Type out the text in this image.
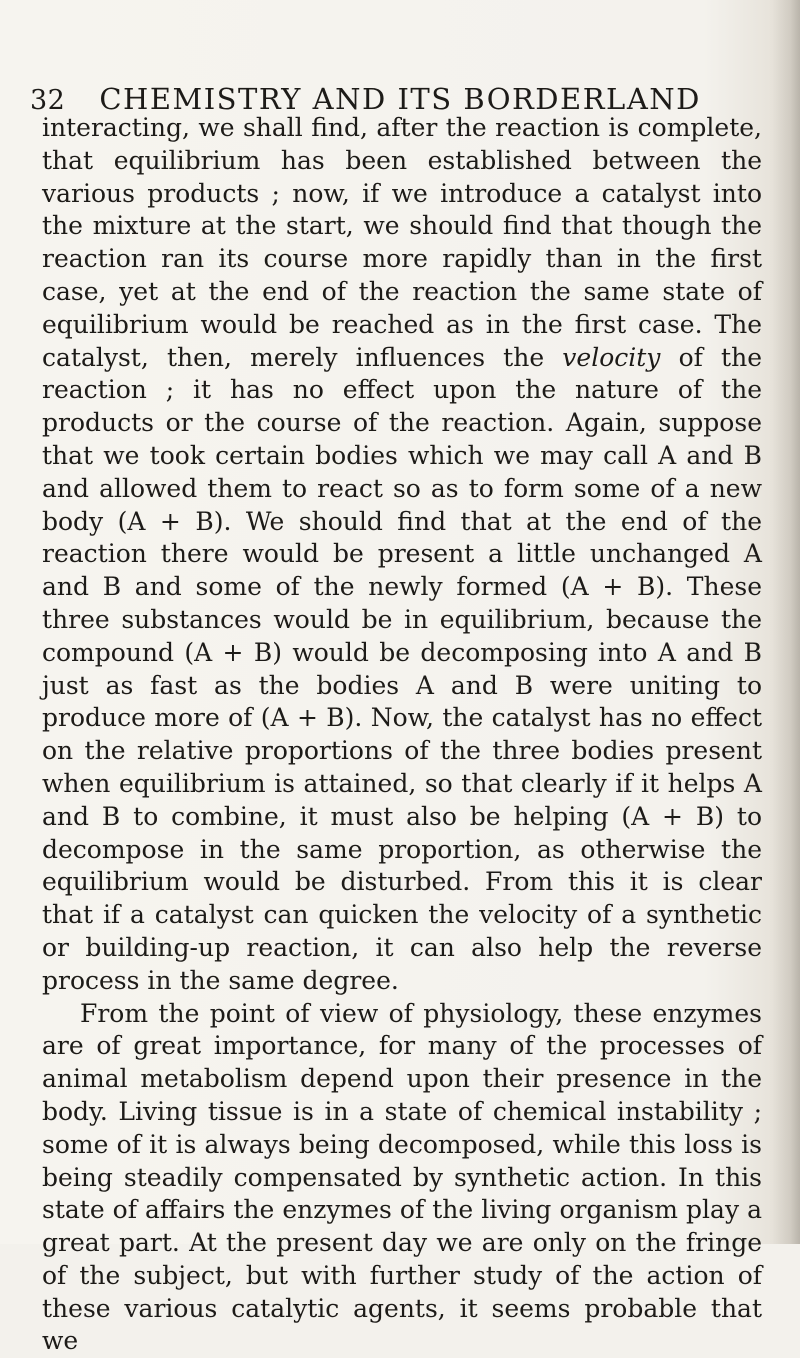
32 CHEMISTRY AND ITS BORDERLAND

interacting, we shall find, after the reaction is complete, that equilibrium has been established between the various products ; now, if we introduce a catalyst into the mixture at the start, we should find that though the reaction ran its course more rapidly than in the first case, yet at the end of the reaction the same state of equilibrium would be reached as in the first case. The catalyst, then, merely influences the velocity of the reaction ; it has no effect upon the nature of the products or the course of the reaction. Again, suppose that we took certain bodies which we may call A and B and allowed them to react so as to form some of a new body (A + B). We should find that at the end of the reaction there would be present a little unchanged A and B and some of the newly formed (A + B). These three substances would be in equilibrium, because the compound (A + B) would be decomposing into A and B just as fast as the bodies A and B were uniting to produce more of (A + B). Now, the catalyst has no effect on the relative proportions of the three bodies present when equilibrium is attained, so that clearly if it helps A and B to combine, it must also be helping (A + B) to decompose in the same proportion, as otherwise the equilibrium would be disturbed. From this it is clear that if a catalyst can quicken the velocity of a synthetic or building-up reaction, it can also help the reverse process in the same degree.

From the point of view of physiology, these enzymes are of great importance, for many of the processes of animal metabolism depend upon their presence in the body. Living tissue is in a state of chemical instability ; some of it is always being decomposed, while this loss is being steadily compensated by synthetic action. In this state of affairs the enzymes of the living organism play a great part. At the present day we are only on the fringe of the subject, but with further study of the action of these various catalytic agents, it seems probable that we
